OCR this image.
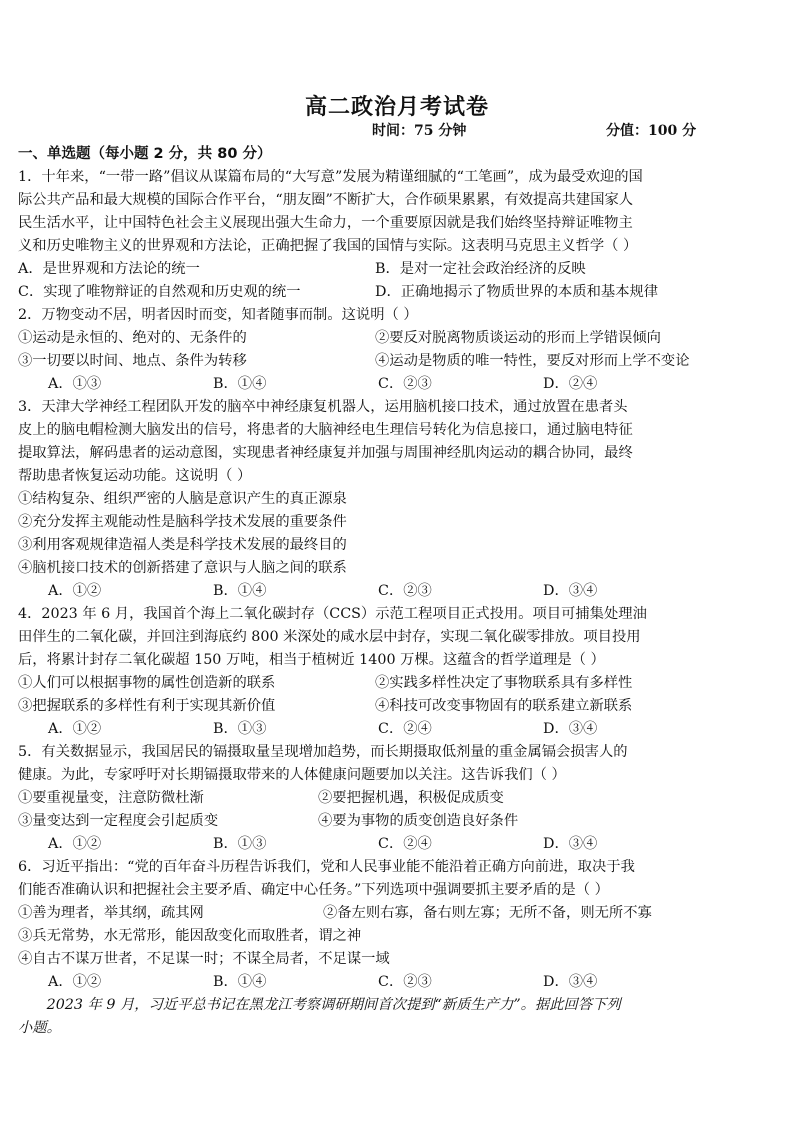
高二政治月考试卷
时间：75 分钟	分值：100 分
一、单选题（每小题 2 分，共 80 分）
1．十年来，“一带一路”倡议从谋篇布局的“大写意”发展为精谨细腻的“工笔画”，成为最受欢迎的国
际公共产品和最大规模的国际合作平台，“朋友圈”不断扩大，合作硕果累累，有效提高共建国家人
民生活水平，让中国特色社会主义展现出强大生命力，一个重要原因就是我们始终坚持辩证唯物主
义和历史唯物主义的世界观和方法论，正确把握了我国的国情与实际。这表明马克思主义哲学（ ）
A．是世界观和方法论的统一	B．是对一定社会政治经济的反映
C．实现了唯物辩证的自然观和历史观的统一	D．正确地揭示了物质世界的本质和基本规律
2．万物变动不居，明者因时而变，知者随事而制。这说明（ ）
①运动是永恒的、绝对的、无条件的	②要反对脱离物质谈运动的形而上学错误倾向
③一切要以时间、地点、条件为转移	④运动是物质的唯一特性，要反对形而上学不变论
A．①③	B．①④	C．②③	D．②④
3．天津大学神经工程团队开发的脑卒中神经康复机器人，运用脑机接口技术，通过放置在患者头
皮上的脑电帽检测大脑发出的信号，将患者的大脑神经电生理信号转化为信息接口，通过脑电特征
提取算法，解码患者的运动意图，实现患者神经康复并加强与周围神经肌肉运动的耦合协同，最终
帮助患者恢复运动功能。这说明（ ）
①结构复杂、组织严密的人脑是意识产生的真正源泉
②充分发挥主观能动性是脑科学技术发展的重要条件
③利用客观规律造福人类是科学技术发展的最终目的
④脑机接口技术的创新搭建了意识与人脑之间的联系
A．①②	B．①④	C．②③	D．③④
4．2023 年 6 月，我国首个海上二氧化碳封存（CCS）示范工程项目正式投用。项目可捕集处理油
田伴生的二氧化碳，并回注到海底约 800 米深处的咸水层中封存，实现二氧化碳零排放。项目投用
后，将累计封存二氧化碳超 150 万吨，相当于植树近 1400 万棵。这蕴含的哲学道理是（ ）
①人们可以根据事物的属性创造新的联系	②实践多样性决定了事物联系具有多样性
③把握联系的多样性有利于实现其新价值	④科技可改变事物固有的联系建立新联系
A．①②	B．①③	C．②④	D．③④
5．有关数据显示，我国居民的镉摄取量呈现增加趋势，而长期摄取低剂量的重金属镉会损害人的
健康。为此，专家呼吁对长期镉摄取带来的人体健康问题要加以关注。这告诉我们（ ）
①要重视量变，注意防微杜渐	②要把握机遇，积极促成质变
③量变达到一定程度会引起质变	④要为事物的质变创造良好条件
A．①②	B．①③	C．②④	D．③④
6．习近平指出：“党的百年奋斗历程告诉我们，党和人民事业能不能沿着正确方向前进，取决于我
们能否准确认识和把握社会主要矛盾、确定中心任务。”下列选项中强调要抓主要矛盾的是（ ）
①善为理者，举其纲，疏其网	②备左则右寡，备右则左寡；无所不备，则无所不寡
③兵无常势，水无常形，能因敌变化而取胜者，谓之神
④自古不谋万世者，不足谋一时；不谋全局者，不足谋一域
A．①②	B．①④	C．②③	D．③④
2023 年 9 月，习近平总书记在黑龙江考察调研期间首次提到“新质生产力”。据此回答下列
小题。
